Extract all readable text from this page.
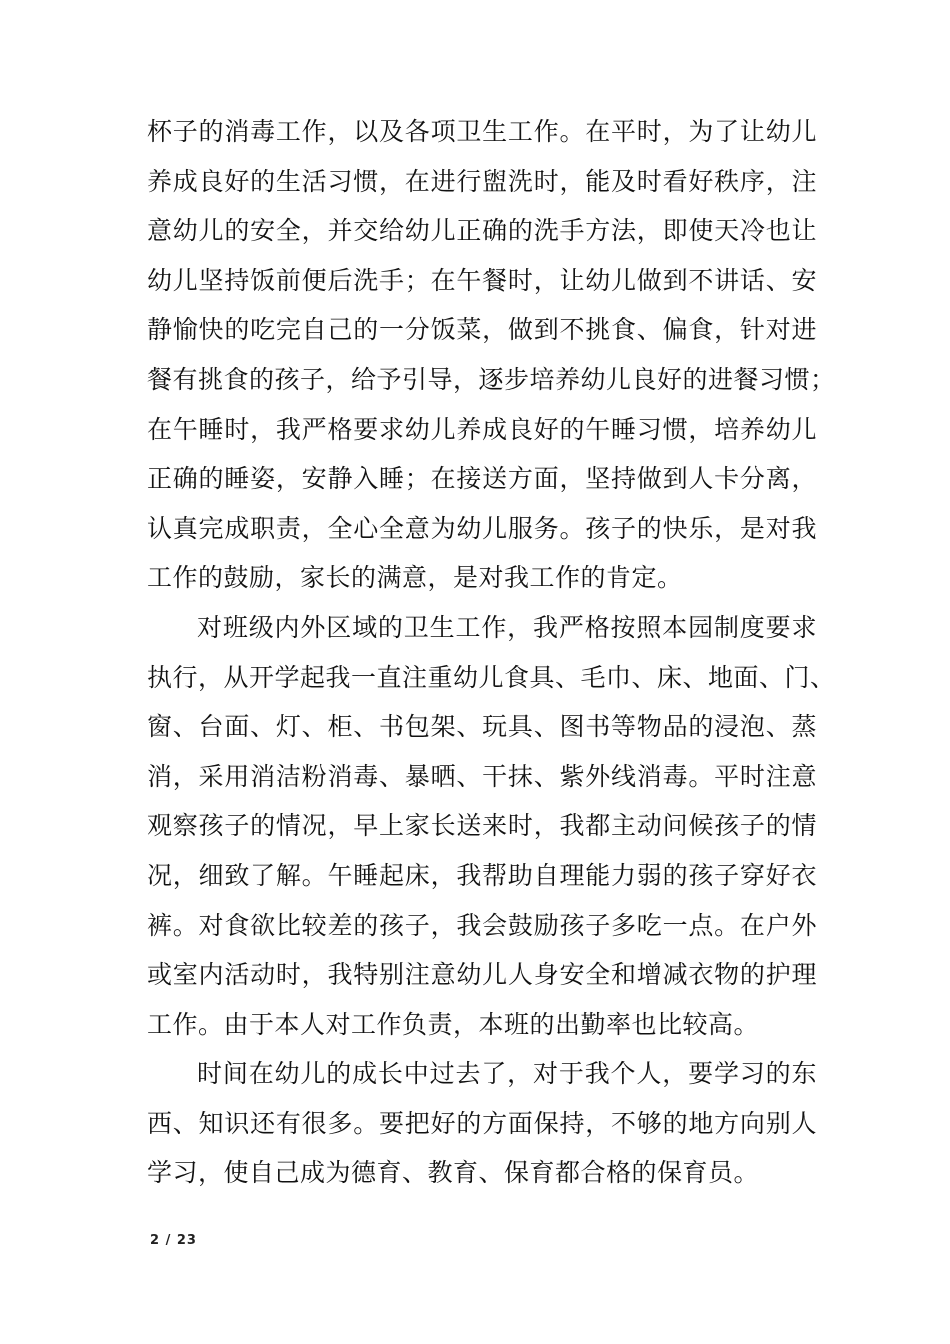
杯子的消毒工作，以及各项卫生工作。在平时，为了让幼儿
养成良好的生活习惯，在进行盥洗时，能及时看好秩序，注
意幼儿的安全，并交给幼儿正确的洗手方法，即使天冷也让
幼儿坚持饭前便后洗手；在午餐时，让幼儿做到不讲话、安
静愉快的吃完自己的一分饭菜，做到不挑食、偏食，针对进
餐有挑食的孩子，给予引导，逐步培养幼儿良好的进餐习惯；
在午睡时，我严格要求幼儿养成良好的午睡习惯，培养幼儿
正确的睡姿，安静入睡；在接送方面，坚持做到人卡分离，
认真完成职责，全心全意为幼儿服务。孩子的快乐，是对我
工作的鼓励，家长的满意，是对我工作的肯定。
对班级内外区域的卫生工作，我严格按照本园制度要求
执行，从开学起我一直注重幼儿食具、毛巾、床、地面、门、
窗、台面、灯、柜、书包架、玩具、图书等物品的浸泡、蒸
消，采用消洁粉消毒、暴晒、干抹、紫外线消毒。平时注意
观察孩子的情况，早上家长送来时，我都主动问候孩子的情
况，细致了解。午睡起床，我帮助自理能力弱的孩子穿好衣
裤。对食欲比较差的孩子，我会鼓励孩子多吃一点。在户外
或室内活动时，我特别注意幼儿人身安全和增减衣物的护理
工作。由于本人对工作负责，本班的出勤率也比较高。
时间在幼儿的成长中过去了，对于我个人，要学习的东
西、知识还有很多。要把好的方面保持，不够的地方向别人
学习，使自己成为德育、教育、保育都合格的保育员。
2 / 23
